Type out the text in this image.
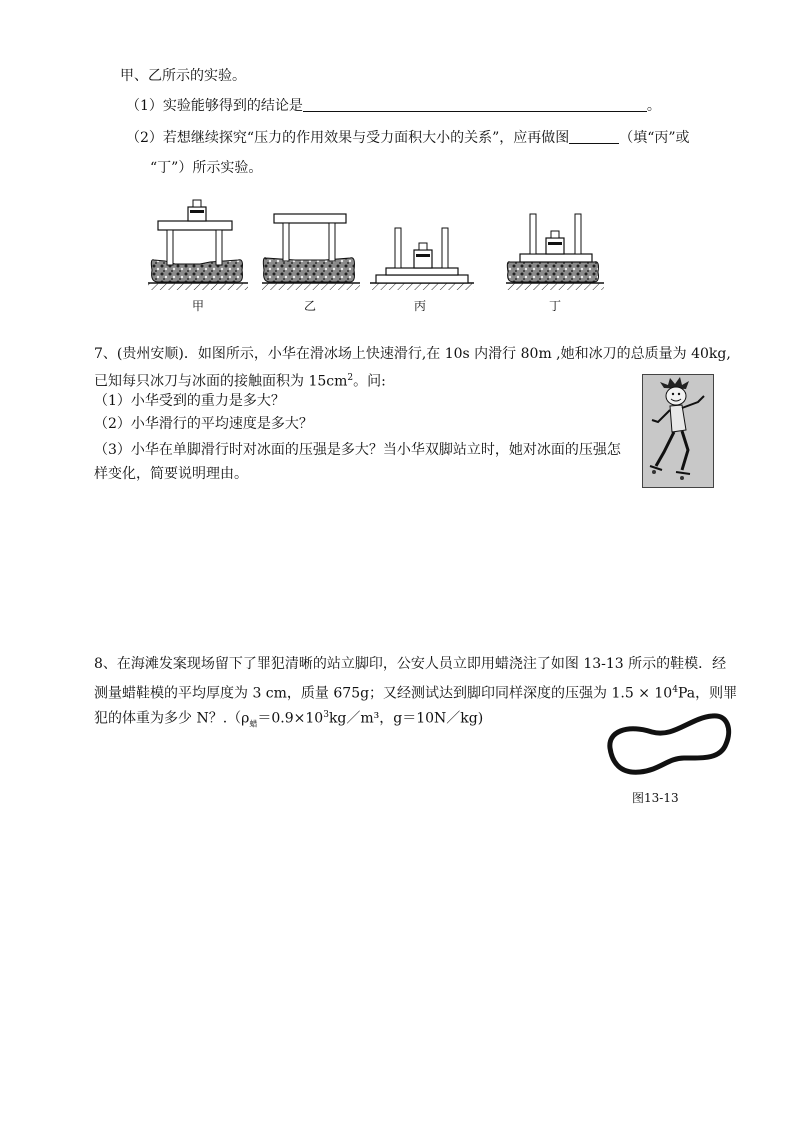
甲、乙所示的实验。
（1）实验能够得到的结论是	。
（2）若想继续探究“压力的作用效果与受力面积大小的关系”，应再做图	（填“丙”或
“丁”）所示实验。
甲	乙	丙	丁
7、(贵州安顺)．如图所示，小华在滑冰场上快速滑行,在 10s 内滑行 80m ,她和冰刀的总质量为 40kg,
已知每只冰刀与冰面的接触面积为 $15cm^2$。问:
（1）小华受到的重力是多大？
（2）小华滑行的平均速度是多大？
（3）小华在单脚滑行时对冰面的压强是多大？当小华双脚站立时，她对冰面的压强怎
样变化，简要说明理由。
8、在海滩发案现场留下了罪犯清晰的站立脚印，公安人员立即用蜡浇注了如图 13-13 所示的鞋模．经
测量蜡鞋模的平均厚度为 3 cm，质量 675g；又经测试达到脚印同样深度的压强为 $1.5 \times 10^4Pa$，则罪
犯的体重为多少 N？$.(\rho_蜡=0.9\times 10^3kg/m^3$，g＝10N／kg)
图13-13
